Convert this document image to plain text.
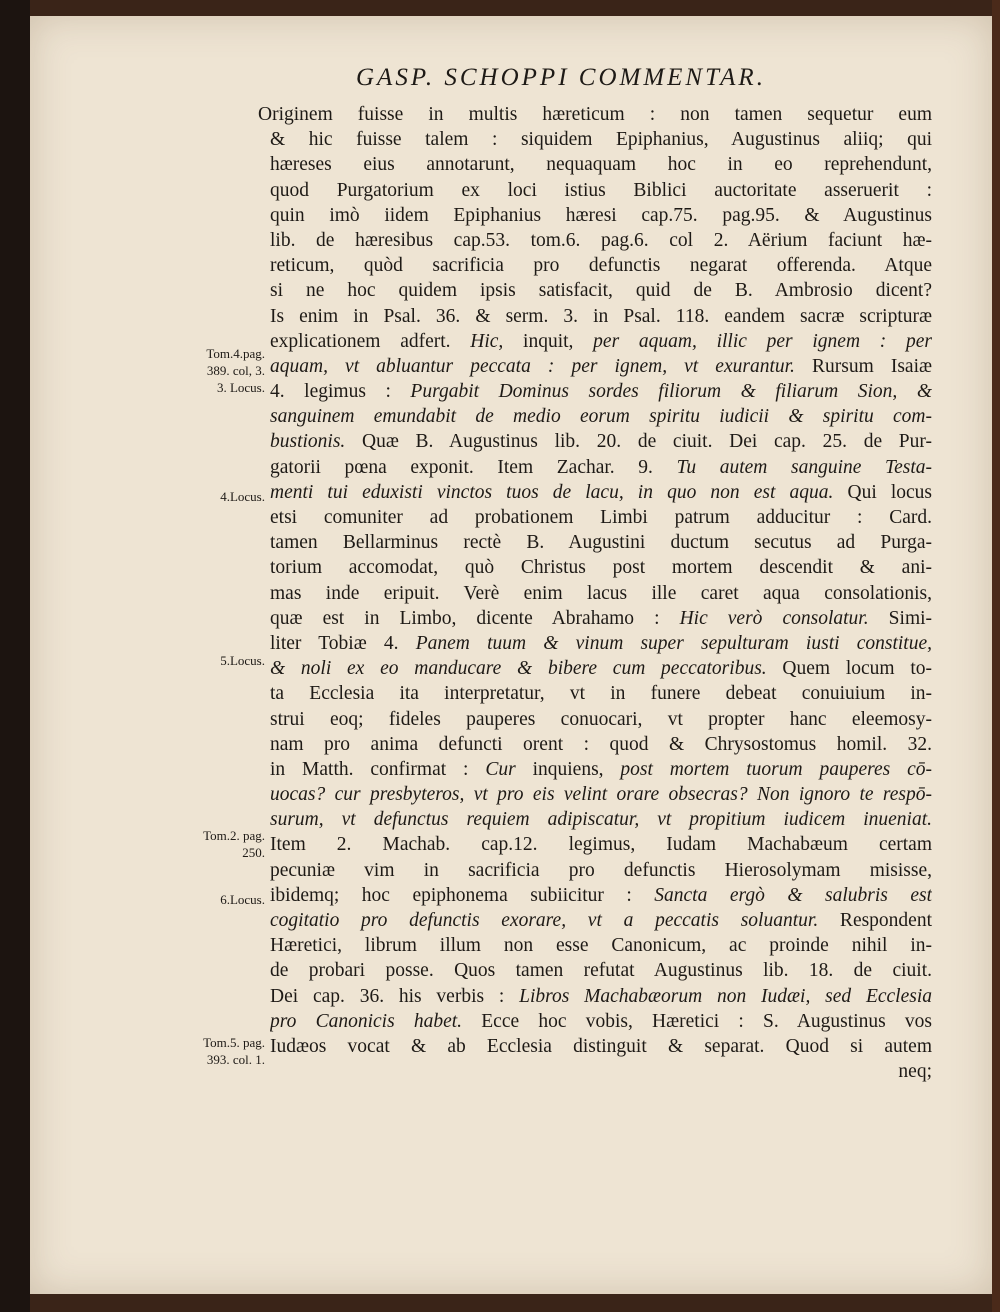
GASP. SCHOPPI COMMENTAR.
Originem fuisse in multis hæreticum : non tamen sequetur eum
& hic fuisse talem : siquidem Epiphanius, Augustinus aliiq; qui
hæreses eius annotarunt, nequaquam hoc in eo reprehendunt,
quod Purgatorium ex loci istius Biblici auctoritate asseruerit :
quin imò iidem Epiphanius hæresi cap.75. pag.95. & Augustinus
lib. de hæresibus cap.53. tom.6. pag.6. col 2. Aërium faciunt hæ-
reticum, quòd sacrificia pro defunctis negarat offerenda. Atque
si ne hoc quidem ipsis satisfacit, quid de B. Ambrosio dicent?
Is enim in Psal. 36. & serm. 3. in Psal. 118. eandem sacræ scripturæ
explicationem adfert. Hic, inquit, per aquam, illic per ignem : per
aquam, vt abluantur peccata : per ignem, vt exurantur. Rursum Isaiæ
4. legimus : Purgabit Dominus sordes filiorum & filiarum Sion, &
sanguinem emundabit de medio eorum spiritu iudicii & spiritu com-
bustionis. Quæ B. Augustinus lib. 20. de ciuit. Dei cap. 25. de Pur-
gatorii pœna exponit. Item Zachar. 9. Tu autem sanguine Testa-
menti tui eduxisti vinctos tuos de lacu, in quo non est aqua. Qui locus
etsi comuniter ad probationem Limbi patrum adducitur : Card.
tamen Bellarminus rectè B. Augustini ductum secutus ad Purga-
torium accomodat, quò Christus post mortem descendit & ani-
mas inde eripuit. Verè enim lacus ille caret aqua consolationis,
quæ est in Limbo, dicente Abrahamo : Hic verò consolatur. Simi-
liter Tobiæ 4. Panem tuum & vinum super sepulturam iusti constitue,
& noli ex eo manducare & bibere cum peccatoribus. Quem locum to-
ta Ecclesia ita interpretatur, vt in funere debeat conuiuium in-
strui eoq; fideles pauperes conuocari, vt propter hanc eleemosy-
nam pro anima defuncti orent : quod & Chrysostomus homil. 32.
in Matth. confirmat : Cur inquiens, post mortem tuorum pauperes cō-
uocas? cur presbyteros, vt pro eis velint orare obsecras? Non ignoro te respō-
surum, vt defunctus requiem adipiscatur, vt propitium iudicem inueniat.
Item 2. Machab. cap.12. legimus, Iudam Machabæum certam
pecuniæ vim in sacrificia pro defunctis Hierosolymam misisse,
ibidemq; hoc epiphonema subiicitur : Sancta ergò & salubris est
cogitatio pro defunctis exorare, vt a peccatis soluantur. Respondent
Hæretici, librum illum non esse Canonicum, ac proinde nihil in-
de probari posse. Quos tamen refutat Augustinus lib. 18. de ciuit.
Dei cap. 36. his verbis : Libros Machabæorum non Iudæi, sed Ecclesia
pro Canonicis habet. Ecce hoc vobis, Hæretici : S. Augustinus vos
Iudæos vocat & ab Ecclesia distinguit & separat. Quod si autem
neq;
Tom.4.pag.
389. col, 3.
3. Locus.
4.Locus.
5.Locus.
Tom.2. pag.
250.
6.Locus.
Tom.5. pag.
393. col. 1.
